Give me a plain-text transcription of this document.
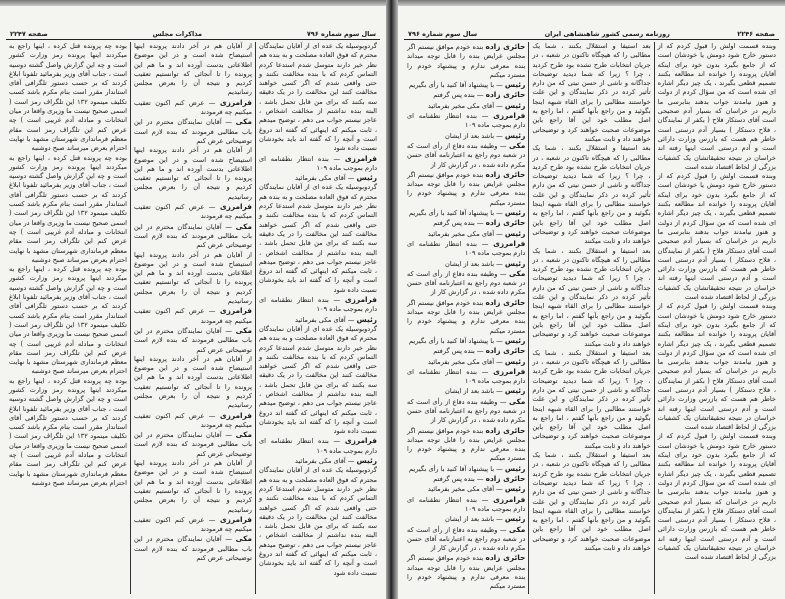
سال سوم شماره ۷۹۶
مذاکرات مجلس
صفحه ۲۲۴۷

گردوبوسیله یک عده ای از آقایان نمایندگان محترم که فوق العاده مصلحت و به بنده هم نظر خیر دارند متوسل شدم استدعا کردم التماس کردم که با بنده مخالفت نکنند و حتی واقعی شدم که اگر کسی خواهند مخالفت کنند این مخالفت را در یک دقیقه سه بکنند که برای من قابل تحمل باشد ، البته بنده نداشتم از مخالفت اشخاص ، عاجز نیستم جواب می دهم ، توضیح میدهم ، ثابت میکنم که اینهائی که گفته اند دروغ است و آنچه را که گفته اند باید بخودشان نسبت داده شود

فرامرزی — بنده انتظار نطقنامه ای دارم بموجب ماده ۱۰۹

رئیس — آقای مکی بفرمائید

گردوبوسیله یک عده ای از آقایان نمایندگان محترم که فوق العاده مصلحت و به بنده هم نظر خیر دارند متوسل شدم استدعا کردم التماس کردم که با بنده مخالفت نکنند و حتی واقعی شدم که اگر کسی خواهند مخالفت کنند این مخالفت را در یک دقیقه سه بکنند که برای من قابل تحمل باشد ، البته بنده نداشتم از مخالفت اشخاص ، عاجز نیستم جواب می دهم ، توضیح میدهم ، ثابت میکنم که اینهائی که گفته اند دروغ است و آنچه را که گفته اند باید بخودشان نسبت داده شود

فرامرزی — بنده انتظار نطقنامه ای دارم بموجب ماده ۱۰۹

رئیس — آقای مکی بفرمائید

گردوبوسیله یک عده ای از آقایان نمایندگان محترم که فوق العاده مصلحت و به بنده هم نظر خیر دارند متوسل شدم استدعا کردم التماس کردم که با بنده مخالفت نکنند و حتی واقعی شدم که اگر کسی خواهند مخالفت کنند این مخالفت را در یک دقیقه سه بکنند که برای من قابل تحمل باشد ، البته بنده نداشتم از مخالفت اشخاص ، عاجز نیستم جواب می دهم ، توضیح میدهم ، ثابت میکنم که اینهائی که گفته اند دروغ است و آنچه را که گفته اند باید بخودشان نسبت داده شود

فرامرزی — بنده انتظار نطقنامه ای دارم بموجب ماده ۱۰۹

رئیس — آقای مکی بفرمائید

گردوبوسیله یک عده ای از آقایان نمایندگان محترم که فوق العاده مصلحت و به بنده هم نظر خیر دارند متوسل شدم استدعا کردم التماس کردم که با بنده مخالفت نکنند و حتی واقعی شدم که اگر کسی خواهند مخالفت کنند این مخالفت را در یک دقیقه سه بکنند که برای من قابل تحمل باشد ، البته بنده نداشتم از مخالفت اشخاص ، عاجز نیستم جواب می دهم ، توضیح میدهم ، ثابت میکنم که اینهائی که گفته اند دروغ است و آنچه را که گفته اند باید بخودشان نسبت داده شود

از آقایان هم در آخر دادند پرونده اینها استیضاح شده است و در این موضوع اطلاعاتی بدست آورده اند و ما هم این پرونده را تا آنجائی که توانستیم تعقیب کردیم و نتیجه آن را بعرض مجلس رسانیدیم

فرامرزی — عرض کنم اکنون تعقیب میکنیم چه فرمودند

مکی — آقایان نمایندگان محترم در این باب مطالبی فرمودند که بنده لازم است توضیحاتی عرض کنم

از آقایان هم در آخر دادند پرونده اینها استیضاح شده است و در این موضوع اطلاعاتی بدست آورده اند و ما هم این پرونده را تا آنجائی که توانستیم تعقیب کردیم و نتیجه آن را بعرض مجلس رسانیدیم

فرامرزی — عرض کنم اکنون تعقیب میکنیم چه فرمودند

مکی — آقایان نمایندگان محترم در این باب مطالبی فرمودند که بنده لازم است توضیحاتی عرض کنم

از آقایان هم در آخر دادند پرونده اینها استیضاح شده است و در این موضوع اطلاعاتی بدست آورده اند و ما هم این پرونده را تا آنجائی که توانستیم تعقیب کردیم و نتیجه آن را بعرض مجلس رسانیدیم

فرامرزی — عرض کنم اکنون تعقیب میکنیم چه فرمودند

مکی — آقایان نمایندگان محترم در این باب مطالبی فرمودند که بنده لازم است توضیحاتی عرض کنم

از آقایان هم در آخر دادند پرونده اینها استیضاح شده است و در این موضوع اطلاعاتی بدست آورده اند و ما هم این پرونده را تا آنجائی که توانستیم تعقیب کردیم و نتیجه آن را بعرض مجلس رسانیدیم

فرامرزی — عرض کنم اکنون تعقیب میکنیم چه فرمودند

مکی — آقایان نمایندگان محترم در این باب مطالبی فرمودند که بنده لازم است توضیحاتی عرض کنم

از آقایان هم در آخر دادند پرونده اینها استیضاح شده است و در این موضوع اطلاعاتی بدست آورده اند و ما هم این پرونده را تا آنجائی که توانستیم تعقیب کردیم و نتیجه آن را بعرض مجلس رسانیدیم

فرامرزی — عرض کنم اکنون تعقیب میکنیم چه فرمودند

مکی — آقایان نمایندگان محترم در این باب مطالبی فرمودند که بنده لازم است توضیحاتی عرض کنم

بوده چه پرونده قتل کرده ، اینها راجع به میکردند اینها پرونده رمز وزارت کشور است و چه این گزارش واصل گشته دوسیه است ، جناب آقای وزیر بفرمائید تلفونا ابلاغ کردند که بر حسب دستور تلگرافی آقای استاندار مقرر است بنام مکرم باشد کسب تکلیف مینمود ۱۳۲ این تلگراف رمز است ( اسمی صحیح نیست ما وزیری واقعا در میان انتخابات و مبادله آدم غریبی است ) چه عرض کنم این تلگراف رمز است مقام معظم فرمانداری شهرستان مشهد با نهایت احترام بعرض میرساند صبح دوشنبه

بوده چه پرونده قتل کرده ، اینها راجع به میکردند اینها پرونده رمز وزارت کشور است و چه این گزارش واصل گشته دوسیه است ، جناب آقای وزیر بفرمائید تلفونا ابلاغ کردند که بر حسب دستور تلگرافی آقای استاندار مقرر است بنام مکرم باشد کسب تکلیف مینمود ۱۳۲ این تلگراف رمز است ( اسمی صحیح نیست ما وزیری واقعا در میان انتخابات و مبادله آدم غریبی است ) چه عرض کنم این تلگراف رمز است مقام معظم فرمانداری شهرستان مشهد با نهایت احترام بعرض میرساند صبح دوشنبه

بوده چه پرونده قتل کرده ، اینها راجع به میکردند اینها پرونده رمز وزارت کشور است و چه این گزارش واصل گشته دوسیه است ، جناب آقای وزیر بفرمائید تلفونا ابلاغ کردند که بر حسب دستور تلگرافی آقای استاندار مقرر است بنام مکرم باشد کسب تکلیف مینمود ۱۳۲ این تلگراف رمز است ( اسمی صحیح نیست ما وزیری واقعا در میان انتخابات و مبادله آدم غریبی است ) چه عرض کنم این تلگراف رمز است مقام معظم فرمانداری شهرستان مشهد با نهایت احترام بعرض میرساند صبح دوشنبه

بوده چه پرونده قتل کرده ، اینها راجع به میکردند اینها پرونده رمز وزارت کشور است و چه این گزارش واصل گشته دوسیه است ، جناب آقای وزیر بفرمائید تلفونا ابلاغ کردند که بر حسب دستور تلگرافی آقای استاندار مقرر است بنام مکرم باشد کسب تکلیف مینمود ۱۳۲ این تلگراف رمز است ( اسمی صحیح نیست ما وزیری واقعا در میان انتخابات و مبادله آدم غریبی است ) چه عرض کنم این تلگراف رمز است مقام معظم فرمانداری شهرستان مشهد با نهایت احترام بعرض میرساند صبح دوشنبه

صفحه ۲۲۴۶
روزنامه رسمی کشور شاهنشاهی ایران
سال سوم شماره ۷۹۶

وبنده قسمت اولش را قبول کردم که از دستور خارج شود دومش یا خودشان است که از جامع بگیرد بدون خود برای اینکه آقایان پرونده را خوانده اند مطالعه بکنند تصمیم قطعی بگیرند ، یک چیز دیگر اشاره ای شده است که من سؤال کردم از دولت و هنوز نیامدند جواب بدهند بنابرسی ما داریم در خراسان که بسیار آدم صحیحی است آقای دستکار فلاح ( بکفر از نمایندگان ، فلاح دستکار ) بسیار آدم درستی است خاطر هم هست که بازرس وزارت دارائی است و آدم درستی است اینها رفته اند خراسان در نتیجه تحقیقاتشان یک کشفیات بزرگی از لحاظ اقتصاد شده است

وبنده قسمت اولش را قبول کردم که از دستور خارج شود دومش یا خودشان است که از جامع بگیرد بدون خود برای اینکه آقایان پرونده را خوانده اند مطالعه بکنند تصمیم قطعی بگیرند ، یک چیز دیگر اشاره ای شده است که من سؤال کردم از دولت و هنوز نیامدند جواب بدهند بنابرسی ما داریم در خراسان که بسیار آدم صحیحی است آقای دستکار فلاح ( بکفر از نمایندگان ، فلاح دستکار ) بسیار آدم درستی است خاطر هم هست که بازرس وزارت دارائی است و آدم درستی است اینها رفته اند خراسان در نتیجه تحقیقاتشان یک کشفیات بزرگی از لحاظ اقتصاد شده است

وبنده قسمت اولش را قبول کردم که از دستور خارج شود دومش یا خودشان است که از جامع بگیرد بدون خود برای اینکه آقایان پرونده را خوانده اند مطالعه بکنند تصمیم قطعی بگیرند ، یک چیز دیگر اشاره ای شده است که من سؤال کردم از دولت و هنوز نیامدند جواب بدهند بنابرسی ما داریم در خراسان که بسیار آدم صحیحی است آقای دستکار فلاح ( بکفر از نمایندگان ، فلاح دستکار ) بسیار آدم درستی است خاطر هم هست که بازرس وزارت دارائی است و آدم درستی است اینها رفته اند خراسان در نتیجه تحقیقاتشان یک کشفیات بزرگی از لحاظ اقتصاد شده است

وبنده قسمت اولش را قبول کردم که از دستور خارج شود دومش یا خودشان است که از جامع بگیرد بدون خود برای اینکه آقایان پرونده را خوانده اند مطالعه بکنند تصمیم قطعی بگیرند ، یک چیز دیگر اشاره ای شده است که من سؤال کردم از دولت و هنوز نیامدند جواب بدهند بنابرسی ما داریم در خراسان که بسیار آدم صحیحی است آقای دستکار فلاح ( بکفر از نمایندگان ، فلاح دستکار ) بسیار آدم درستی است خاطر هم هست که بازرس وزارت دارائی است و آدم درستی است اینها رفته اند خراسان در نتیجه تحقیقاتشان یک کشفیات بزرگی از لحاظ اقتصاد شده است

بعد استیفا و استقلال بکنند ، شما یک مطالبی را که هیچگاه تاکنون در شعبه ، در جریان انتخابات طرح نشده بود طرح کردید ، چرا ؟ زیرا که شما دیدید توضیحات جداگانه و ناشی از حسن نیتی که من دارم تأثیر کرده در ذکر نمایندگان و این علت خواستند مطالبی را برای القاء شبهه اینجا بگوئید و من راجع بآنها گفتم ، اما راجع به اصل مطلب خود این آقا راجع باین موضوعات صحبت خواهند کرد و توضیحاتی خواهند داد و ثابت میکنند

بعد استیفا و استقلال بکنند ، شما یک مطالبی را که هیچگاه تاکنون در شعبه ، در جریان انتخابات طرح نشده بود طرح کردید ، چرا ؟ زیرا که شما دیدید توضیحات جداگانه و ناشی از حسن نیتی که من دارم تأثیر کرده در ذکر نمایندگان و این علت خواستند مطالبی را برای القاء شبهه اینجا بگوئید و من راجع بآنها گفتم ، اما راجع به اصل مطلب خود این آقا راجع باین موضوعات صحبت خواهند کرد و توضیحاتی خواهند داد و ثابت میکنند

بعد استیفا و استقلال بکنند ، شما یک مطالبی را که هیچگاه تاکنون در شعبه ، در جریان انتخابات طرح نشده بود طرح کردید ، چرا ؟ زیرا که شما دیدید توضیحات جداگانه و ناشی از حسن نیتی که من دارم تأثیر کرده در ذکر نمایندگان و این علت خواستند مطالبی را برای القاء شبهه اینجا بگوئید و من راجع بآنها گفتم ، اما راجع به اصل مطلب خود این آقا راجع باین موضوعات صحبت خواهند کرد و توضیحاتی خواهند داد و ثابت میکنند

بعد استیفا و استقلال بکنند ، شما یک مطالبی را که هیچگاه تاکنون در شعبه ، در جریان انتخابات طرح نشده بود طرح کردید ، چرا ؟ زیرا که شما دیدید توضیحات جداگانه و ناشی از حسن نیتی که من دارم تأثیر کرده در ذکر نمایندگان و این علت خواستند مطالبی را برای القاء شبهه اینجا بگوئید و من راجع بآنها گفتم ، اما راجع به اصل مطلب خود این آقا راجع باین موضوعات صحبت خواهند کرد و توضیحاتی خواهند داد و ثابت میکنند

بعد استیفا و استقلال بکنند ، شما یک مطالبی را که هیچگاه تاکنون در شعبه ، در جریان انتخابات طرح نشده بود طرح کردید ، چرا ؟ زیرا که شما دیدید توضیحات جداگانه و ناشی از حسن نیتی که من دارم تأثیر کرده در ذکر نمایندگان و این علت خواستند مطالبی را برای القاء شبهه اینجا بگوئید و من راجع بآنها گفتم ، اما راجع به اصل مطلب خود این آقا راجع باین موضوعات صحبت خواهند کرد و توضیحاتی خواهند داد و ثابت میکنند

حائری زاده بنده خودم موافق نیستم اگر مجلس عرایض بنده را قابل توجه میداند بنده معرفی ندارم و پیشنهاد خودم را مسترد میکنم

رئیس — با پیشنهاد آقا کنید با رأی بگیریم

حائری زاده — بنده پس گرفتم

رئیس — آقای مکی مخیر بفرمائید

فرامرزی — بنده انتظار نطقنامه ای دارم بموجب ماده ۱۰۹

رئیس — باشد بعد از ایشان

مکی — وظیفه بنده دفاع از رأی است که در شعبه دوم راجع به اعتبارنامه آقای حسن مکرم داده شده ، در گزارش کار از

حائری زاده بنده خودم موافق نیستم اگر مجلس عرایض بنده را قابل توجه میداند بنده معرفی ندارم و پیشنهاد خودم را مسترد میکنم

رئیس — با پیشنهاد آقا کنید با رأی بگیریم

حائری زاده — بنده پس گرفتم

رئیس — آقای مکی مخیر بفرمائید

فرامرزی — بنده انتظار نطقنامه ای دارم بموجب ماده ۱۰۹

رئیس — باشد بعد از ایشان

مکی — وظیفه بنده دفاع از رأی است که در شعبه دوم راجع به اعتبارنامه آقای حسن مکرم داده شده ، در گزارش کار از

حائری زاده بنده خودم موافق نیستم اگر مجلس عرایض بنده را قابل توجه میداند بنده معرفی ندارم و پیشنهاد خودم را مسترد میکنم

رئیس — با پیشنهاد آقا کنید با رأی بگیریم

حائری زاده — بنده پس گرفتم

رئیس — آقای مکی مخیر بفرمائید

فرامرزی — بنده انتظار نطقنامه ای دارم بموجب ماده ۱۰۹

رئیس — باشد بعد از ایشان

مکی — وظیفه بنده دفاع از رأی است که در شعبه دوم راجع به اعتبارنامه آقای حسن مکرم داده شده ، در گزارش کار از

حائری زاده بنده خودم موافق نیستم اگر مجلس عرایض بنده را قابل توجه میداند بنده معرفی ندارم و پیشنهاد خودم را مسترد میکنم

رئیس — با پیشنهاد آقا کنید با رأی بگیریم

حائری زاده — بنده پس گرفتم

رئیس — آقای مکی مخیر بفرمائید

فرامرزی — بنده انتظار نطقنامه ای دارم بموجب ماده ۱۰۹

رئیس — باشد بعد از ایشان

مکی — وظیفه بنده دفاع از رأی است که در شعبه دوم راجع به اعتبارنامه آقای حسن مکرم داده شده ، در گزارش کار از

حائری زاده بنده خودم موافق نیستم اگر مجلس عرایض بنده را قابل توجه میداند بنده معرفی ندارم و پیشنهاد خودم را مسترد میکنم
